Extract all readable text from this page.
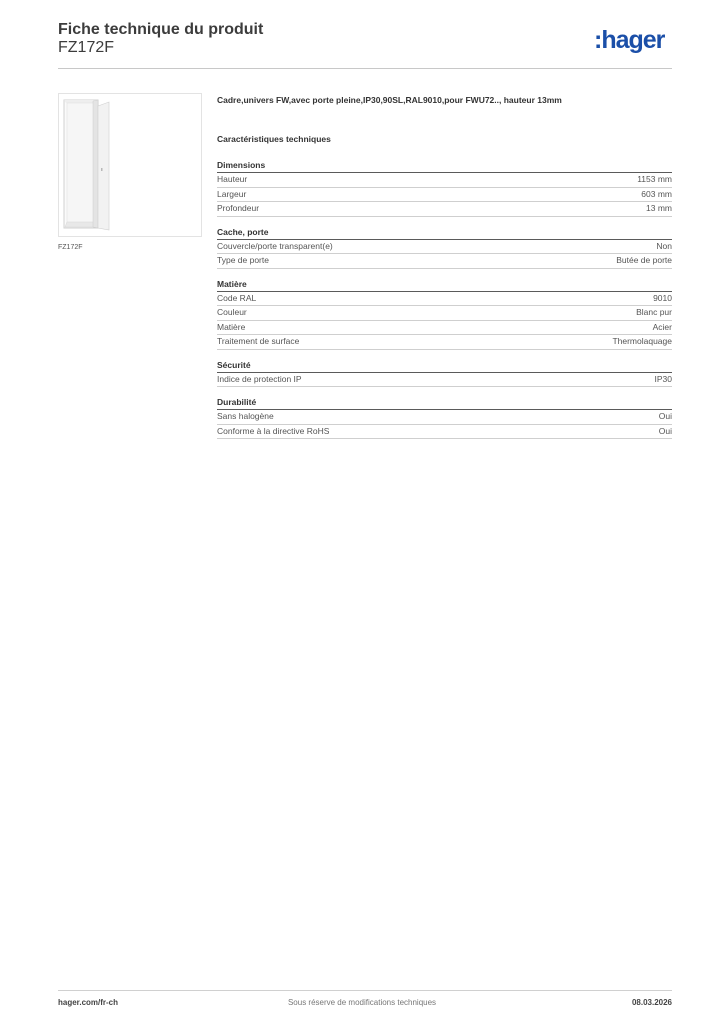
Fiche technique du produit
FZ172F	:hager
FZ172F
Cadre,univers FW,avec porte pleine,IP30,90SL,RAL9010,pour FWU72.., hauteur 13mm
Caractéristiques techniques
Dimensions
Hauteur	1153 mm
Largeur	603 mm
Profondeur	13 mm
Cache, porte
Couvercle/porte transparent(e)	Non
Type de porte	Butée de porte
Matière
Code RAL	9010
Couleur	Blanc pur
Matière	Acier
Traitement de surface	Thermolaquage
Sécurité
Indice de protection IP	IP30
Durabilité
Sans halogène	Oui
Conforme à la directive RoHS	Oui
hager.com/fr-ch	Sous réserve de modifications techniques	08.03.2026
